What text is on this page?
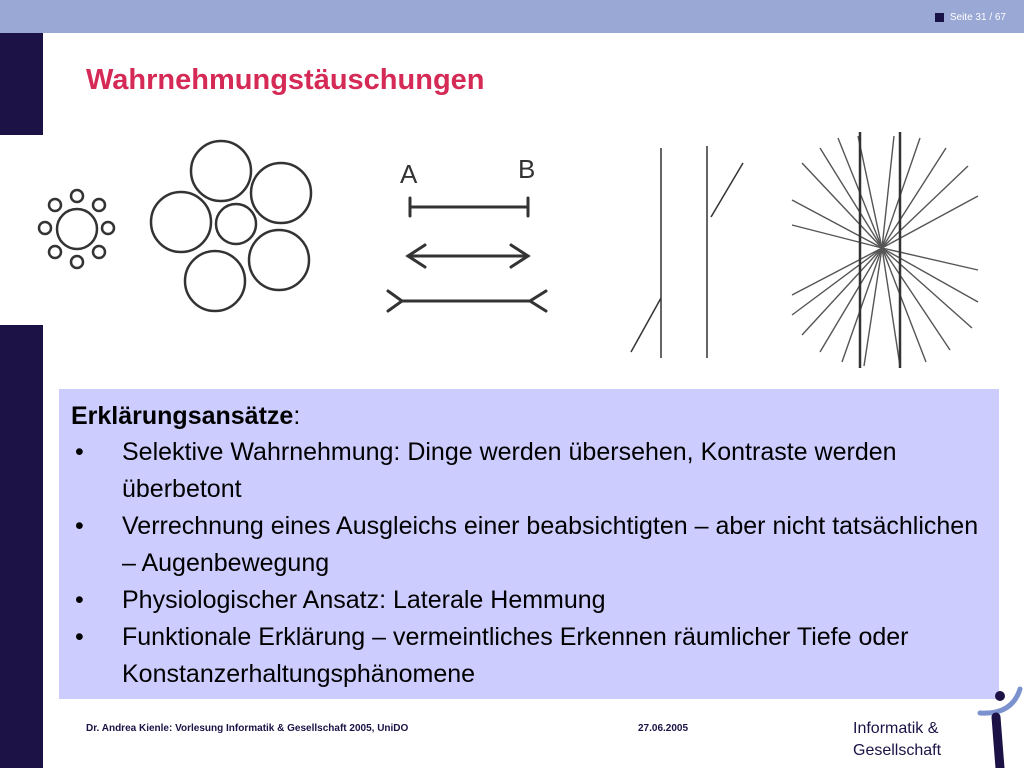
Seite 31 / 67
Wahrnehmungstäuschungen
A	B

Erklärungsansätze:

• Selektive Wahrnehmung: Dinge werden übersehen, Kontraste werden überbetont
• Verrechnung eines Ausgleichs einer beabsichtigten – aber nicht tatsächlichen – Augenbewegung
• Physiologischer Ansatz: Laterale Hemmung
• Funktionale Erklärung – vermeintliches Erkennen räumlicher Tiefe oder Konstanzerhaltungsphänomene
Dr. Andrea Kienle: Vorlesung Informatik & Gesellschaft 2005, UniDO	27.06.2005	Informatik &
Gesellschaft
